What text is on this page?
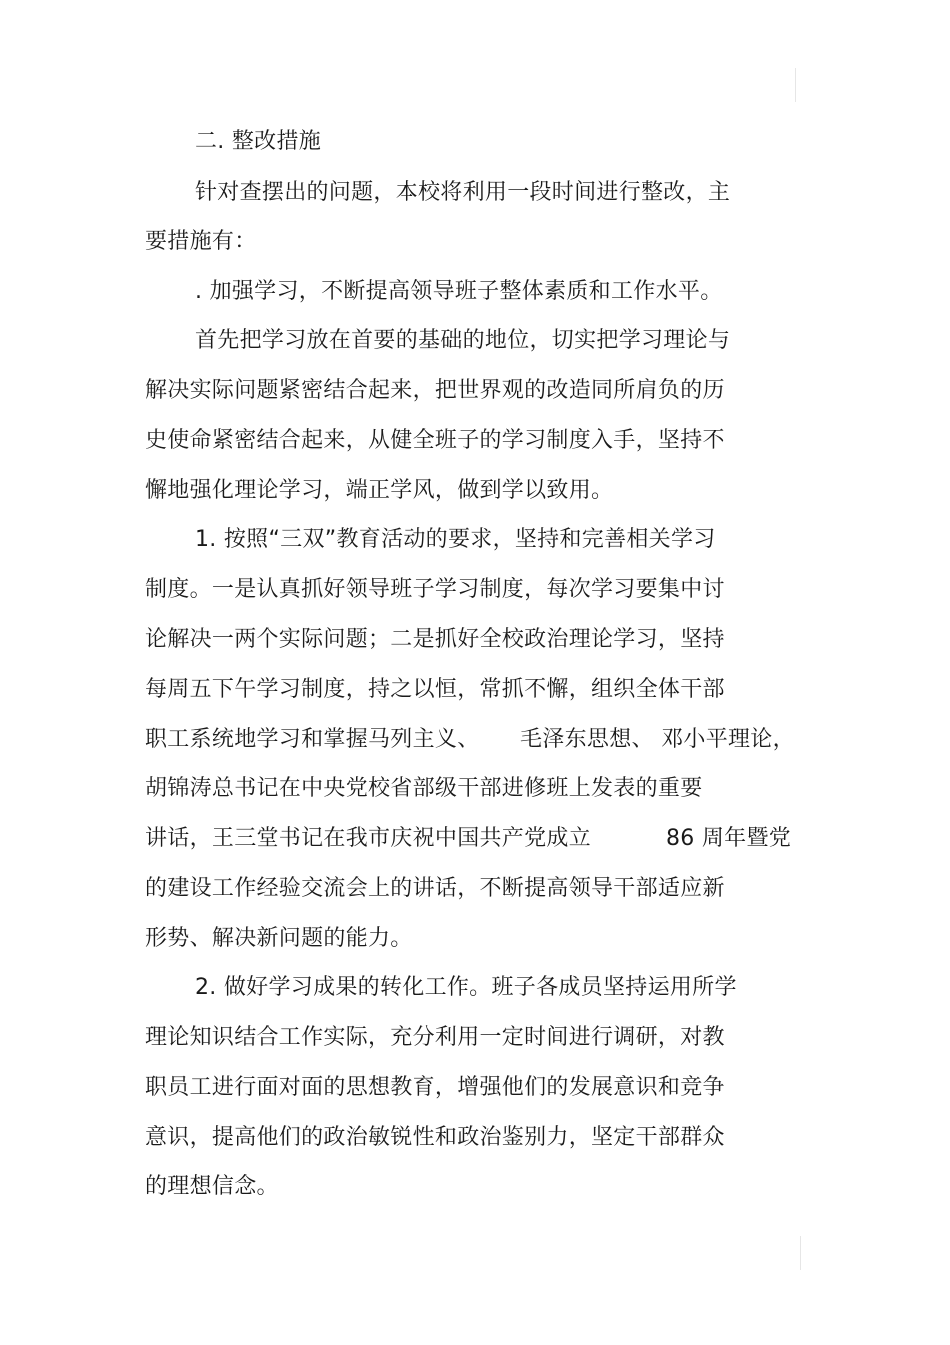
二. 整改措施
针对查摆出的问题，本校将利用一段时间进行整改，主
要措施有：
. 加强学习，不断提高领导班子整体素质和工作水平。
首先把学习放在首要的基础的地位，切实把学习理论与
解决实际问题紧密结合起来，把世界观的改造同所肩负的历
史使命紧密结合起来，从健全班子的学习制度入手，坚持不
懈地强化理论学习，端正学风，做到学以致用。
1. 按照“三双”教育活动的要求，坚持和完善相关学习
制度。一是认真抓好领导班子学习制度，每次学习要集中讨
论解决一两个实际问题；二是抓好全校政治理论学习，坚持
每周五下午学习制度，持之以恒，常抓不懈，组织全体干部
职工系统地学习和掌握马列主义、 毛泽东思想、 邓小平理论，
胡锦涛总书记在中央党校省部级干部进修班上发表的重要
讲话，王三堂书记在我市庆祝中国共产党成立	86 周年暨党
的建设工作经验交流会上的讲话，不断提高领导干部适应新
形势、解决新问题的能力。
2. 做好学习成果的转化工作。班子各成员坚持运用所学
理论知识结合工作实际，充分利用一定时间进行调研，对教
职员工进行面对面的思想教育，增强他们的发展意识和竞争
意识，提高他们的政治敏锐性和政治鉴别力，坚定干部群众
的理想信念。
